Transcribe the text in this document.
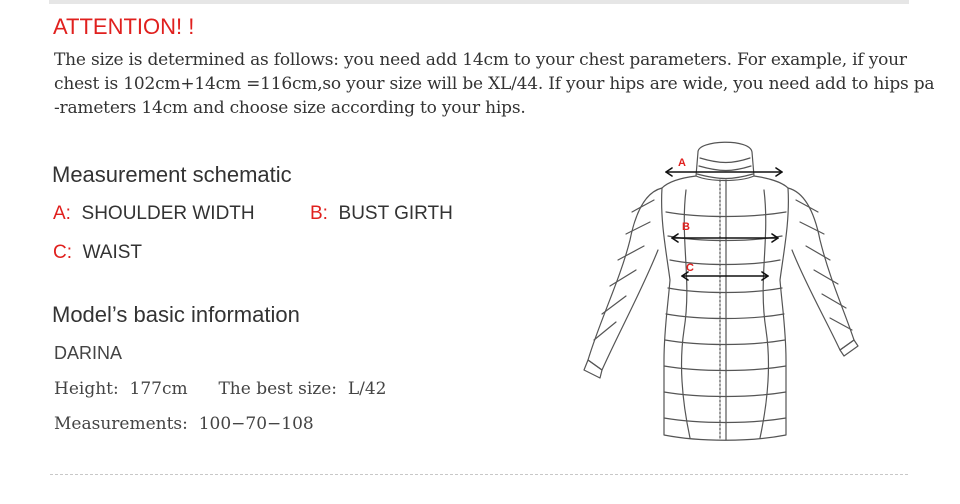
ATTENTION! !
The size is determined as follows: you need add 14cm to your chest parameters. For example, if your
chest is 102cm+14cm =116cm,so your size will be XL/44. If your hips are wide, you need add to hips pa
-rameters 14cm and choose size according to your hips.
Measurement schematic
A: SHOULDER WIDTH	B: BUST GIRTH
C: WAIST
Model’s basic information
DARINA
Height: 177cm The best size: L/42
Measurements: 100−70−108
A
B
C
